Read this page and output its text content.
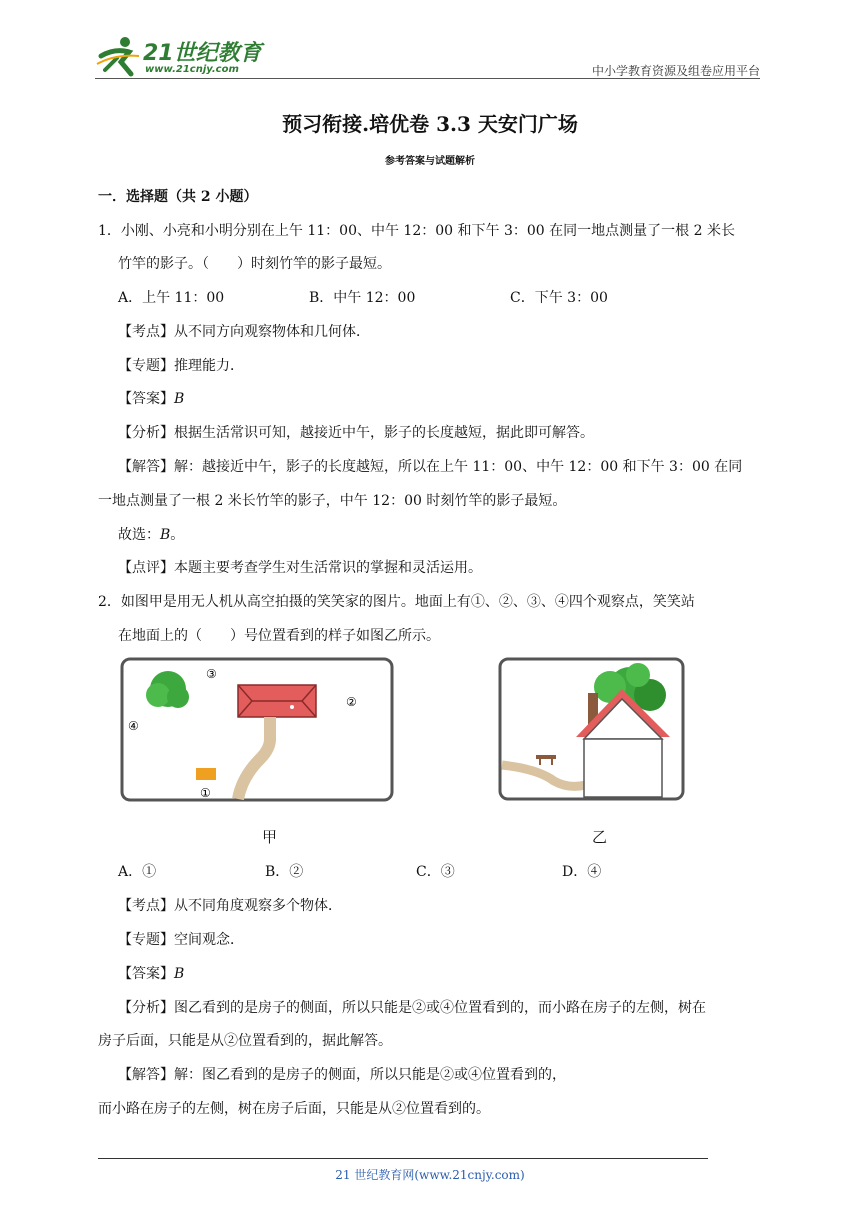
21世纪教育
www.21cnjy.com	中小学教育资源及组卷应用平台
预习衔接.培优卷 3.3 天安门广场
参考答案与试题解析
一．选择题（共 2 小题）
1．小刚、小亮和小明分别在上午 11：00、中午 12：00 和下午 3：00 在同一地点测量了一根 2 米长
竹竿的影子。（　　）时刻竹竿的影子最短。
A．上午 11：00	B．中午 12：00	C．下午 3：00
【考点】从不同方向观察物体和几何体．
【专题】推理能力．
【答案】B
【分析】根据生活常识可知，越接近中午，影子的长度越短，据此即可解答。
【解答】解：越接近中午，影子的长度越短，所以在上午 11：00、中午 12：00 和下午 3：00 在同
一地点测量了一根 2 米长竹竿的影子，中午 12：00 时刻竹竿的影子最短。
故选：B。
【点评】本题主要考查学生对生活常识的掌握和灵活运用。
2．如图甲是用无人机从高空拍摄的笑笑家的图片。地面上有①、②、③、④四个观察点，笑笑站
在地面上的（　　）号位置看到的样子如图乙所示。
①
②
③
④
甲	乙
A．①	B．②	C．③	D．④
【考点】从不同角度观察多个物体．
【专题】空间观念．
【答案】B
【分析】图乙看到的是房子的侧面，所以只能是②或④位置看到的，而小路在房子的左侧，树在
房子后面，只能是从②位置看到的，据此解答。
【解答】解：图乙看到的是房子的侧面，所以只能是②或④位置看到的，
而小路在房子的左侧，树在房子后面，只能是从②位置看到的。
21 世纪教育网(www.21cnjy.com)
